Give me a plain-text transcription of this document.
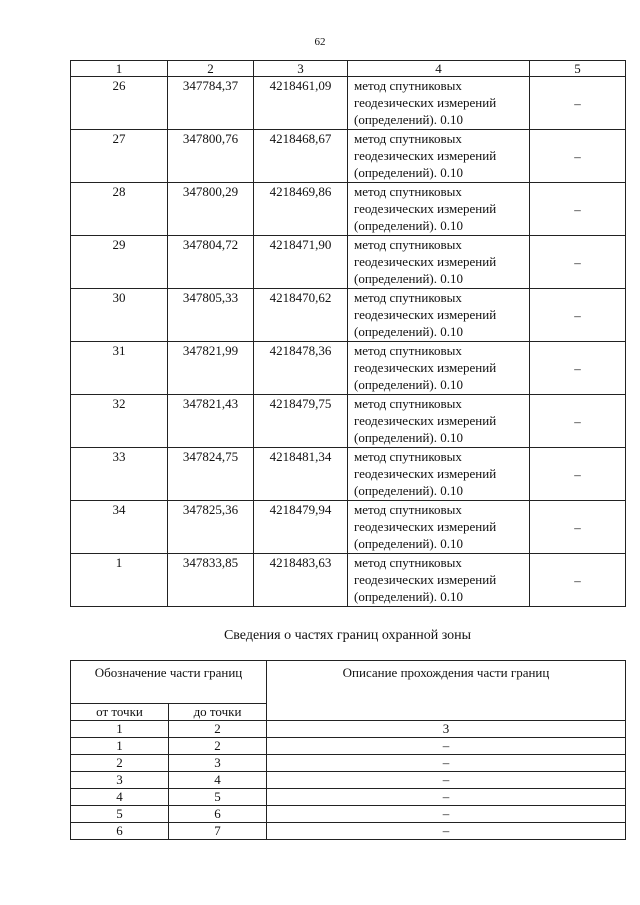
62
1	2	3	4	5
26	347784,37	4218461,09	метод спутниковых
геодезических измерений
(определений). 0.10	–
27	347800,76	4218468,67	метод спутниковых
геодезических измерений
(определений). 0.10	–
28	347800,29	4218469,86	метод спутниковых
геодезических измерений
(определений). 0.10	–
29	347804,72	4218471,90	метод спутниковых
геодезических измерений
(определений). 0.10	–
30	347805,33	4218470,62	метод спутниковых
геодезических измерений
(определений). 0.10	–
31	347821,99	4218478,36	метод спутниковых
геодезических измерений
(определений). 0.10	–
32	347821,43	4218479,75	метод спутниковых
геодезических измерений
(определений). 0.10	–
33	347824,75	4218481,34	метод спутниковых
геодезических измерений
(определений). 0.10	–
34	347825,36	4218479,94	метод спутниковых
геодезических измерений
(определений). 0.10	–
1	347833,85	4218483,63	метод спутниковых
геодезических измерений
(определений). 0.10	–
Сведения о частях границ охранной зоны
Обозначение части границ		Описание прохождения части границ
от точки	до точки	
1	2	3
1	2	–
2	3	–
3	4	–
4	5	–
5	6	–
6	7	–
